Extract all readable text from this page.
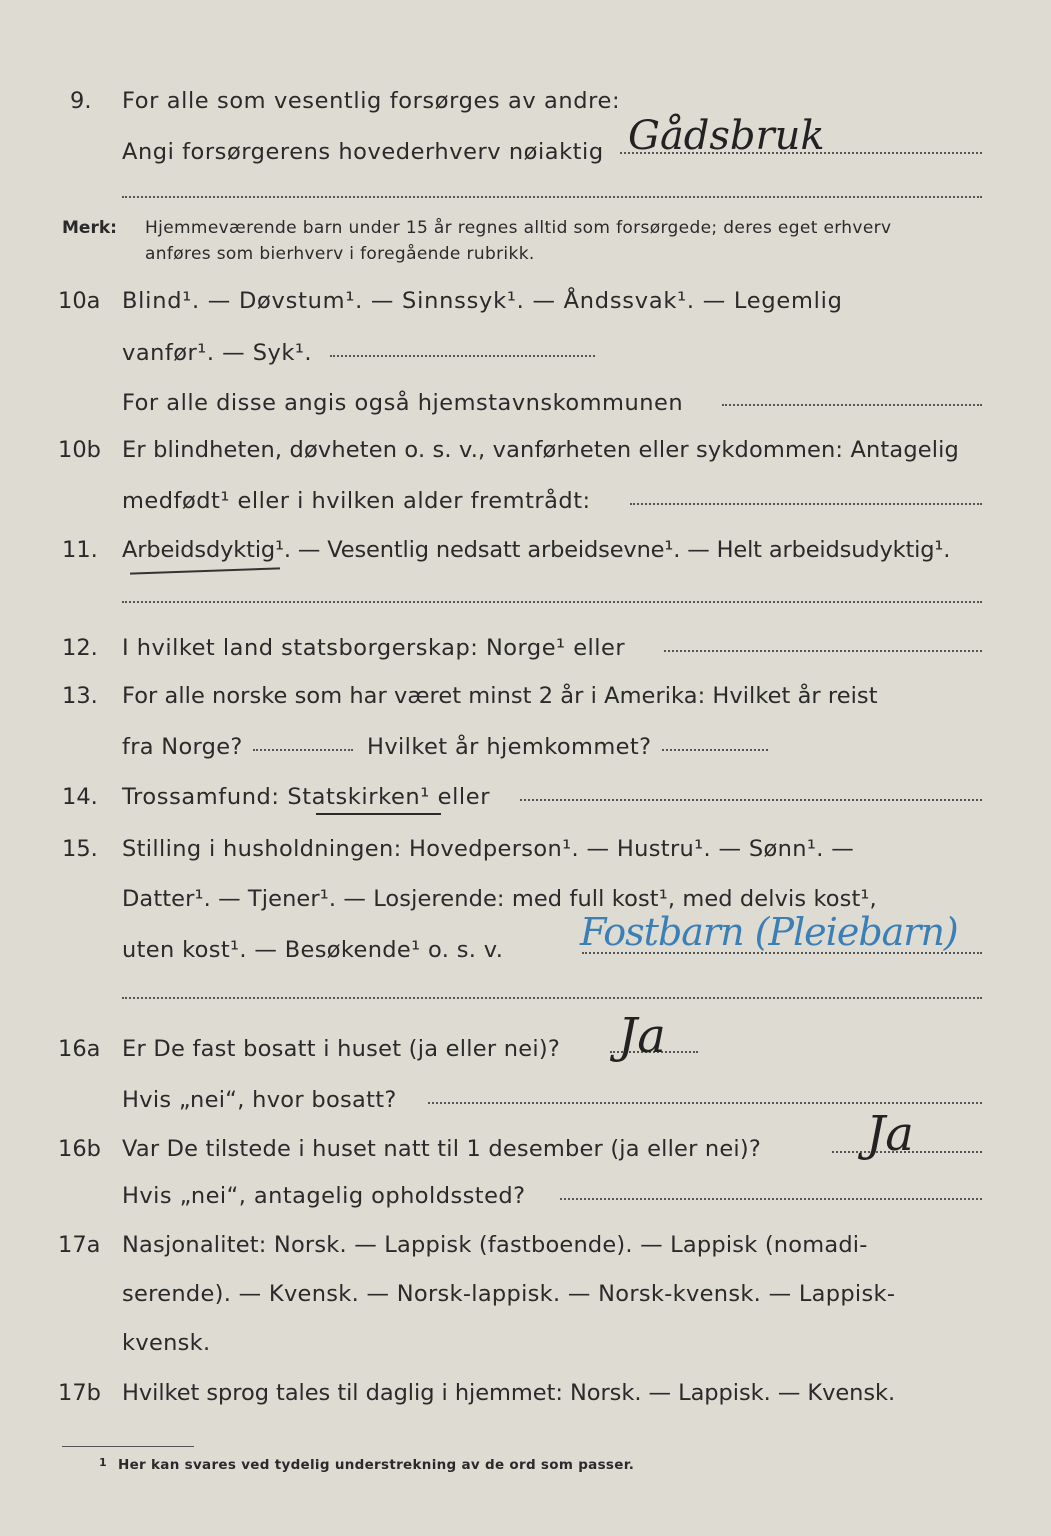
9. For alle som vesentlig forsørges av andre:
Angi forsørgerens hovederhverv nøiaktig Gådsbruk
Merk: Hjemmeværende barn under 15 år regnes alltid som forsørgede; deres eget erhverv
anføres som bierhverv i foregående rubrikk.
10a Blind¹. — Døvstum¹. — Sinnssyk¹. — Åndssvak¹. — Legemlig
vanfør¹. — Syk¹.
For alle disse angis også hjemstavnskommunen
10b Er blindheten, døvheten o. s. v., vanførheten eller sykdommen: Antagelig
medfødt¹ eller i hvilken alder fremtrådt:
11. Arbeidsdyktig¹. — Vesentlig nedsatt arbeidsevne¹. — Helt arbeidsudyktig¹.
12. I hvilket land statsborgerskap: Norge¹ eller
13. For alle norske som har været minst 2 år i Amerika: Hvilket år reist
fra Norge?	Hvilket år hjemkommet?
14. Trossamfund: Statskirken¹ eller
15. Stilling i husholdningen: Hovedperson¹. — Hustru¹. — Sønn¹. —
Datter¹. — Tjener¹. — Losjerende: med full kost¹, med delvis kost¹,
uten kost¹. — Besøkende¹ o. s. v. Fostbarn (Pleiebarn)
16a Er De fast bosatt i huset (ja eller nei)? Ja
Hvis „nei“, hvor bosatt?
16b Var De tilstede i huset natt til 1 desember (ja eller nei)? Ja
Hvis „nei“, antagelig opholdssted?
17a Nasjonalitet: Norsk. — Lappisk (fastboende). — Lappisk (nomadi-
serende). — Kvensk. — Norsk-lappisk. — Norsk-kvensk. — Lappisk-
kvensk.
17b Hvilket sprog tales til daglig i hjemmet: Norsk. — Lappisk. — Kvensk.
1 Her kan svares ved tydelig understrekning av de ord som passer.
